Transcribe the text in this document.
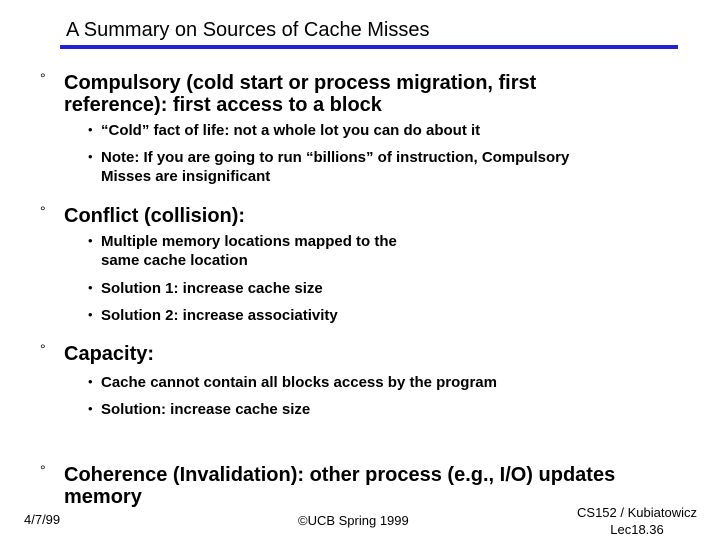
A Summary on Sources of Cache Misses
° Compulsory (cold start or process migration, first reference): first access to a block
• “Cold” fact of life: not a whole lot you can do about it
• Note: If you are going to run “billions” of instruction, Compulsory Misses are insignificant
° Conflict (collision):
• Multiple memory locations mapped to the same cache location
• Solution 1: increase cache size
• Solution 2: increase associativity
° Capacity:
• Cache cannot contain all blocks access by the program
• Solution: increase cache size
° Coherence (Invalidation): other process (e.g., I/O) updates memory
4/7/99	©UCB Spring 1999
CS152 / Kubiatowicz
Lec18.36
